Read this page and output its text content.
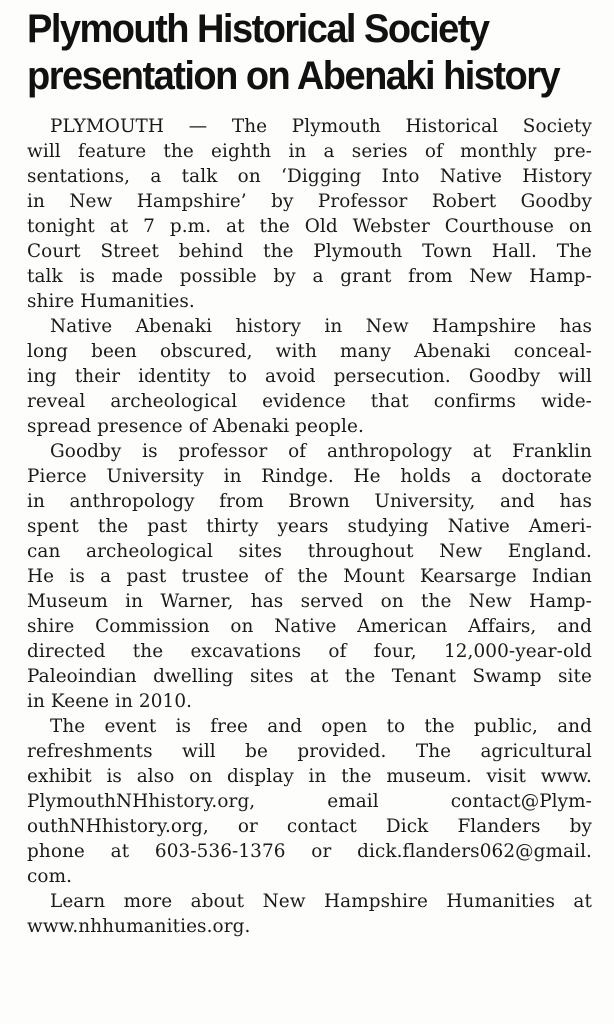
Plymouth Historical Society
presentation on Abenaki history

PLYMOUTH — The Plymouth Historical Society
will feature the eighth in a series of monthly pre-
sentations, a talk on ‘Digging Into Native History
in New Hampshire’ by Professor Robert Goodby
tonight at 7 p.m. at the Old Webster Courthouse on
Court Street behind the Plymouth Town Hall. The
talk is made possible by a grant from New Hamp-
shire Humanities.

Native Abenaki history in New Hampshire has
long been obscured, with many Abenaki conceal-
ing their identity to avoid persecution. Goodby will
reveal archeological evidence that confirms wide-
spread presence of Abenaki people.

Goodby is professor of anthropology at Franklin
Pierce University in Rindge. He holds a doctorate
in anthropology from Brown University, and has
spent the past thirty years studying Native Ameri-
can archeological sites throughout New England.
He is a past trustee of the Mount Kearsarge Indian
Museum in Warner, has served on the New Hamp-
shire Commission on Native American Affairs, and
directed the excavations of four, 12,000-year-old
Paleoindian dwelling sites at the Tenant Swamp site
in Keene in 2010.

The event is free and open to the public, and
refreshments will be provided. The agricultural
exhibit is also on display in the museum. visit www.
PlymouthNHhistory.org, email contact@Plym-
outhNHhistory.org, or contact Dick Flanders by
phone at 603-536-1376 or dick.flanders062@gmail.
com.

Learn more about New Hampshire Humanities at
www.nhhumanities.org.
